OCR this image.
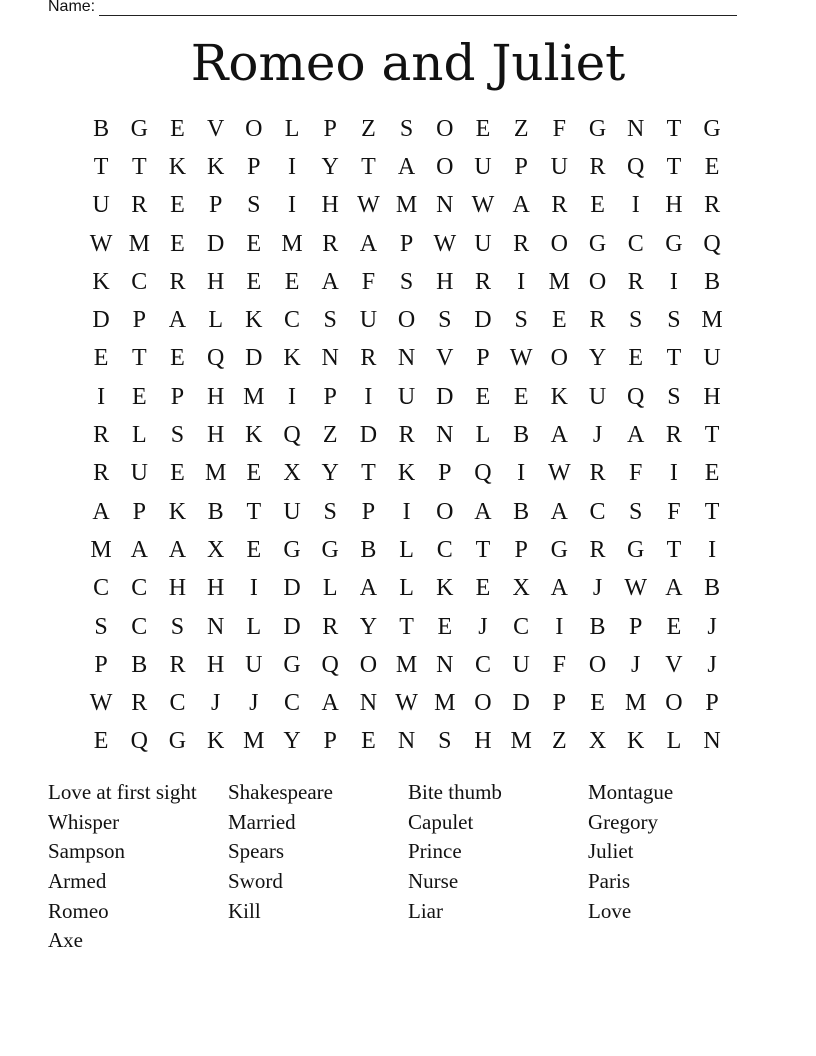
Name:
Romeo and Juliet
B G E V O L	P	Z	S O E Z	F G N T G
T T K K P	I	Y T A O U P U R Q T E
U R E	P	S	I	H W M N W A R E	I	H R
W M E D E M R A P W U R O G C G Q
K C R H E E A F	S H R	I M O R	I	B
D P A L K C S U O S D S	E R S	S M
E T E Q D K N R N V P W O Y E T U
I	E	P H M I	P	I	U D E E K U Q S H
R L	S H K Q Z D R N L B A	J	A R T
R U E M E X Y T K P Q	I W R F	I	E
A P K B T U S	P	I	O A B A C S	F	T
M A A X E G G B L C T	P G R G T	I
C C H H	I	D L A L K E X A	J W A B
S C S N L D R Y T E	J	C	I	B P	E	J
P B R H U G Q O M N C U F O	J	V	J
W R C	J	J	C A N W M O D P	E M O P
E Q G K M Y P	E N S H M Z X K L N
Love at first sight	Shakespeare	Bite thumb	Montague
Whisper	Married	Capulet	Gregory
Sampson	Spears	Prince	Juliet
Armed	Sword	Nurse	Paris
Romeo	Kill	Liar	Love
Axe
